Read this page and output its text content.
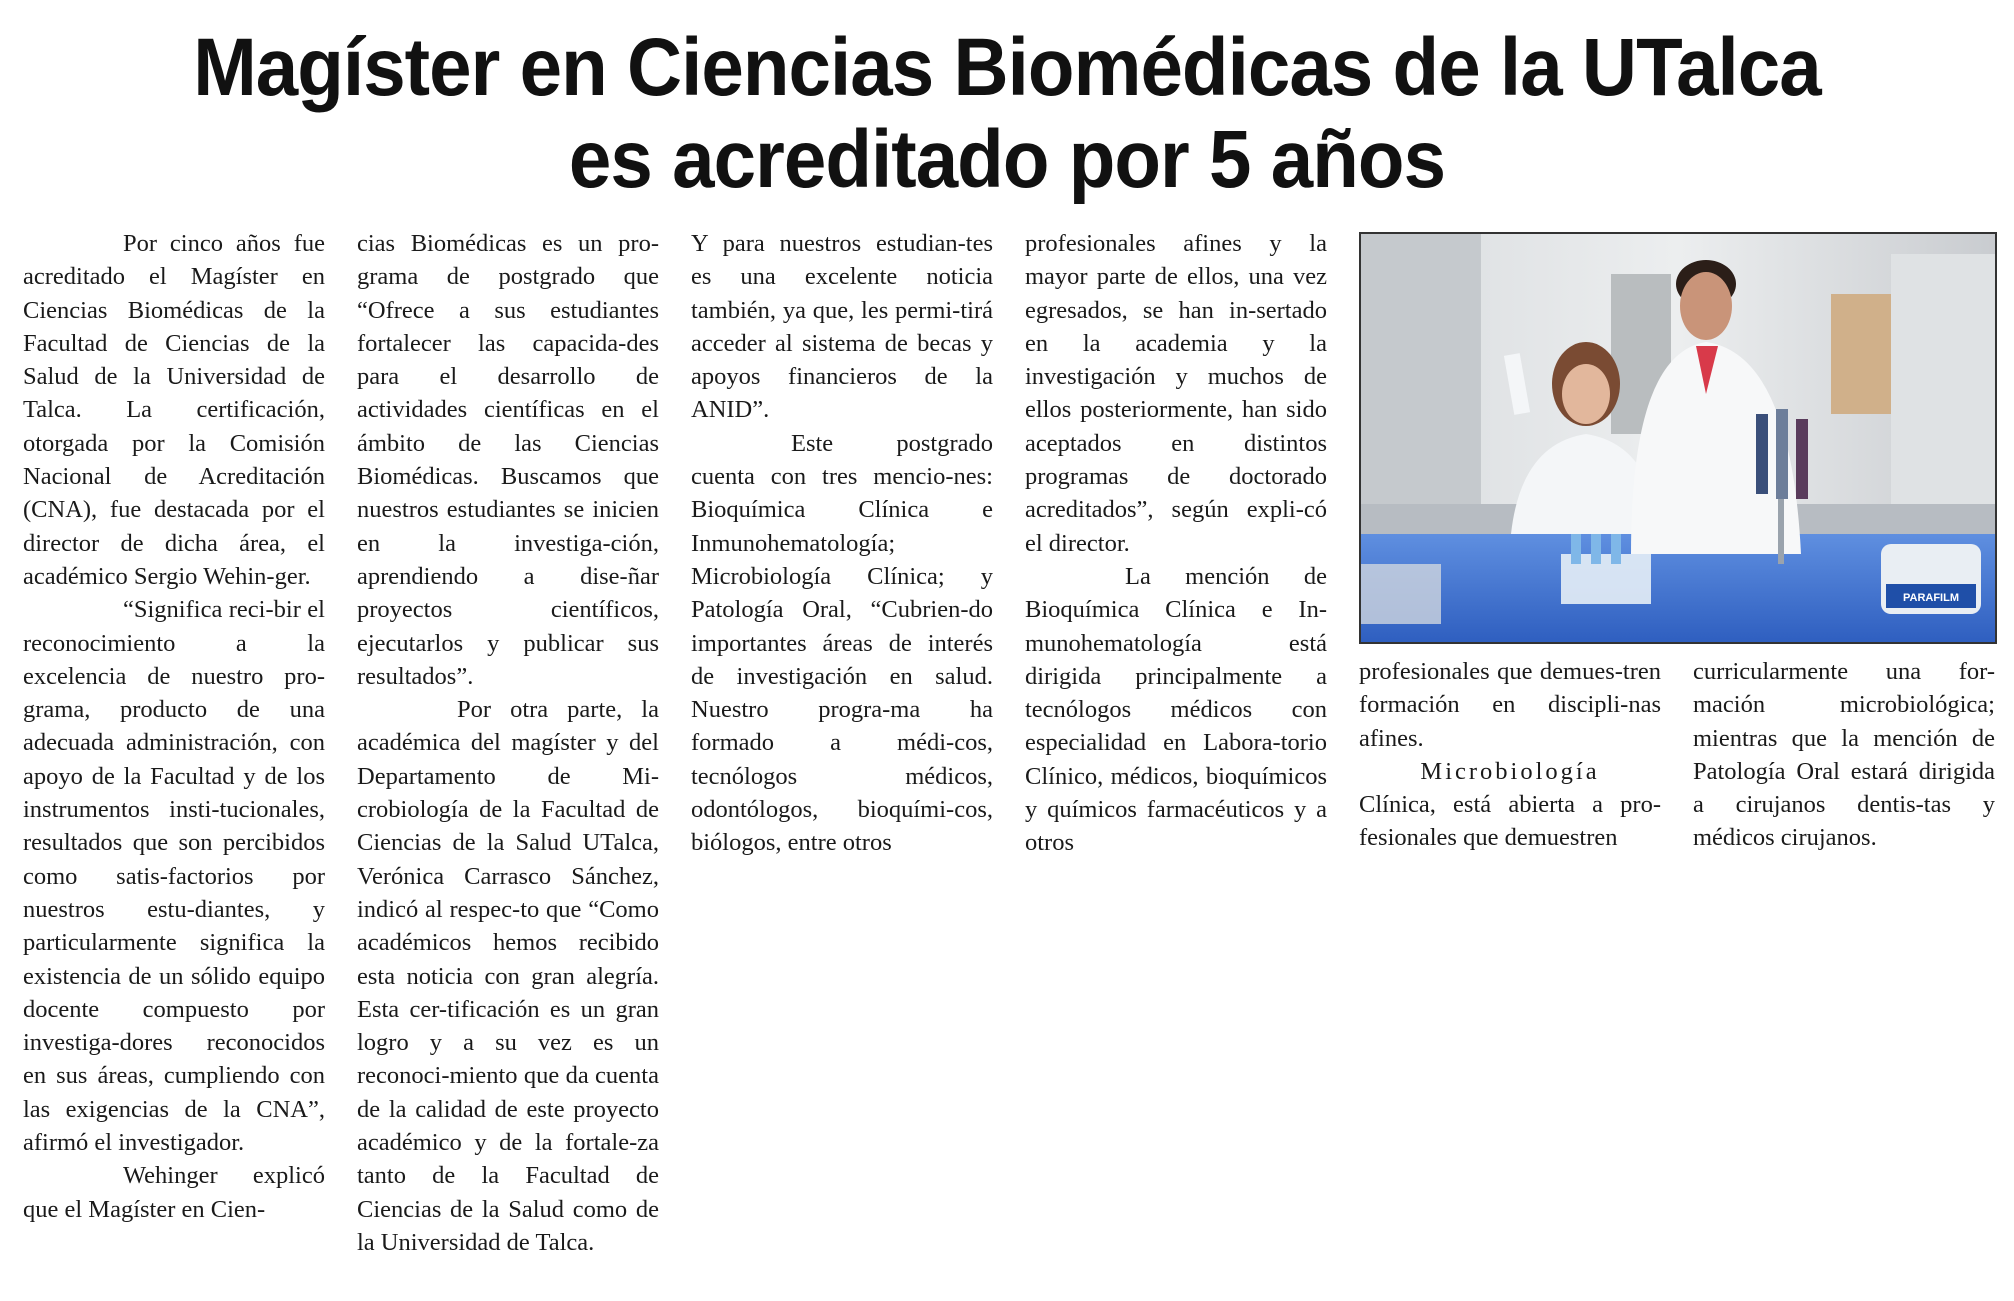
Magíster en Ciencias Biomédicas de la UTalca
es acreditado por 5 años

Por cinco años fue acreditado el Magíster en Ciencias Biomédicas de la Facultad de Ciencias de la Salud de la Universidad de Talca. La certificación, otorgada por la Comisión Nacional de Acreditación (CNA), fue destacada por el director de dicha área, el académico Sergio Wehin-ger.

“Significa reci-bir el reconocimiento a la excelencia de nuestro pro-grama, producto de una adecuada administración, con apoyo de la Facultad y de los instrumentos insti-tucionales, resultados que son percibidos como satis-factorios por nuestros estu-diantes, y particularmente significa la existencia de un sólido equipo docente compuesto por investiga-dores reconocidos en sus áreas, cumpliendo con las exigencias de la CNA”, afirmó el investigador.

Wehinger explicó que el Magíster en Cien-

cias Biomédicas es un pro-grama de postgrado que “Ofrece a sus estudiantes fortalecer las capacida-des para el desarrollo de actividades científicas en el ámbito de las Ciencias Biomédicas. Buscamos que nuestros estudiantes se inicien en la investiga-ción, aprendiendo a dise-ñar proyectos científicos, ejecutarlos y publicar sus resultados”.

Por otra parte, la académica del magíster y del Departamento de Mi-crobiología de la Facultad de Ciencias de la Salud UTalca, Verónica Carrasco Sánchez, indicó al respec-to que “Como académicos hemos recibido esta noticia con gran alegría. Esta cer-tificación es un gran logro y a su vez es un reconoci-miento que da cuenta de la calidad de este proyecto académico y de la fortale-za tanto de la Facultad de Ciencias de la Salud como de la Universidad de Talca.

Y para nuestros estudian-tes es una excelente noticia también, ya que, les permi-tirá acceder al sistema de becas y apoyos financieros de la ANID”.

Este postgrado cuenta con tres mencio-nes: Bioquímica Clínica e Inmunohematología; Microbiología Clínica; y Patología Oral, “Cubrien-do importantes áreas de interés de investigación en salud. Nuestro progra-ma ha formado a médi-cos, tecnólogos médicos, odontólogos, bioquími-cos, biólogos, entre otros

profesionales afines y la mayor parte de ellos, una vez egresados, se han in-sertado en la academia y la investigación y muchos de ellos posteriormente, han sido aceptados en distintos programas de doctorado acreditados”, según expli-có el director.

La mención de Bioquímica Clínica e In-munohematología está dirigida principalmente a tecnólogos médicos con especialidad en Labora-torio Clínico, médicos, bioquímicos y químicos farmacéuticos y a otros

profesionales que demues-tren formación en discipli-nas afines.

Microbiología

Clínica, está abierta a pro-fesionales que demuestren

curricularmente una for-mación microbiológica; mientras que la mención de Patología Oral estará dirigida a cirujanos dentis-tas y médicos cirujanos.

PARAFILM
